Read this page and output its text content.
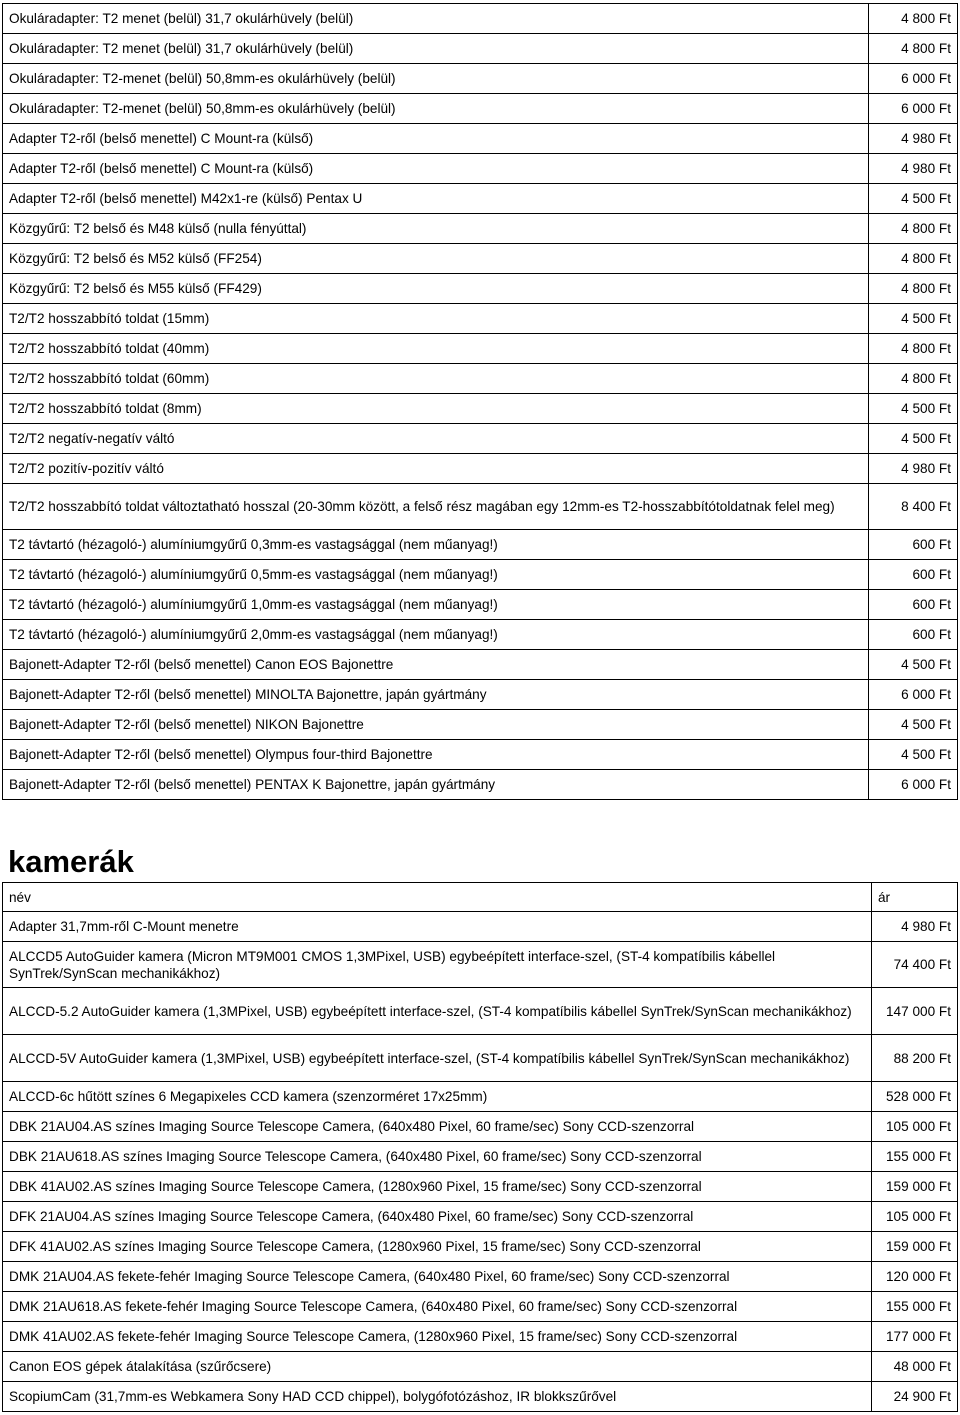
Okuláradapter: T2 menet (belül) 31,7 okulárhüvely (belül)	4 800 Ft
Okuláradapter: T2 menet (belül) 31,7 okulárhüvely (belül)	4 800 Ft
Okuláradapter: T2-menet (belül) 50,8mm-es okulárhüvely (belül)	6 000 Ft
Okuláradapter: T2-menet (belül) 50,8mm-es okulárhüvely (belül)	6 000 Ft
Adapter T2-ről (belső menettel) C Mount-ra (külső)	4 980 Ft
Adapter T2-ről (belső menettel) C Mount-ra (külső)	4 980 Ft
Adapter T2-ről (belső menettel) M42x1-re (külső) Pentax U	4 500 Ft
Közgyűrű: T2 belső és M48 külső (nulla fényúttal)	4 800 Ft
Közgyűrű: T2 belső és M52 külső (FF254)	4 800 Ft
Közgyűrű: T2 belső és M55 külső (FF429)	4 800 Ft
T2/T2 hosszabbító toldat (15mm)	4 500 Ft
T2/T2 hosszabbító toldat (40mm)	4 800 Ft
T2/T2 hosszabbító toldat (60mm)	4 800 Ft
T2/T2 hosszabbító toldat (8mm)	4 500 Ft
T2/T2 negatív-negatív váltó	4 500 Ft
T2/T2 pozitív-pozitív váltó	4 980 Ft
T2/T2 hosszabbító toldat változtatható hosszal (20-30mm között, a felső rész magában egy 12mm-es T2-hosszabbítótoldatnak felel meg)	8 400 Ft
T2 távtartó (hézagoló-) alumíniumgyűrű 0,3mm-es vastagsággal (nem műanyag!)	600 Ft
T2 távtartó (hézagoló-) alumíniumgyűrű 0,5mm-es vastagsággal (nem műanyag!)	600 Ft
T2 távtartó (hézagoló-) alumíniumgyűrű 1,0mm-es vastagsággal (nem műanyag!)	600 Ft
T2 távtartó (hézagoló-) alumíniumgyűrű 2,0mm-es vastagsággal (nem műanyag!)	600 Ft
Bajonett-Adapter T2-ről (belső menettel) Canon EOS Bajonettre	4 500 Ft
Bajonett-Adapter T2-ről (belső menettel) MINOLTA Bajonettre, japán gyártmány	6 000 Ft
Bajonett-Adapter T2-ről (belső menettel) NIKON Bajonettre	4 500 Ft
Bajonett-Adapter T2-ről (belső menettel) Olympus four-third Bajonettre	4 500 Ft
Bajonett-Adapter T2-ről (belső menettel) PENTAX K Bajonettre, japán gyártmány	6 000 Ft
kamerák
név	ár
Adapter 31,7mm-ről C-Mount menetre	4 980 Ft
ALCCD5 AutoGuider kamera (Micron MT9M001 CMOS 1,3MPixel, USB) egybeépített interface-szel, (ST-4 kompatíbilis kábellel SynTrek/SynScan mechanikákhoz)	74 400 Ft
ALCCD-5.2 AutoGuider kamera (1,3MPixel, USB) egybeépített interface-szel, (ST-4 kompatíbilis kábellel SynTrek/SynScan mechanikákhoz)	147 000 Ft
ALCCD-5V AutoGuider kamera (1,3MPixel, USB) egybeépített interface-szel, (ST-4 kompatíbilis kábellel SynTrek/SynScan mechanikákhoz)	88 200 Ft
ALCCD-6c hűtött színes 6 Megapixeles CCD kamera (szenzorméret 17x25mm)	528 000 Ft
DBK 21AU04.AS színes Imaging Source Telescope Camera, (640x480 Pixel, 60 frame/sec) Sony CCD-szenzorral	105 000 Ft
DBK 21AU618.AS színes Imaging Source Telescope Camera, (640x480 Pixel, 60 frame/sec) Sony CCD-szenzorral	155 000 Ft
DBK 41AU02.AS színes Imaging Source Telescope Camera, (1280x960 Pixel, 15 frame/sec) Sony CCD-szenzorral	159 000 Ft
DFK 21AU04.AS színes Imaging Source Telescope Camera, (640x480 Pixel, 60 frame/sec) Sony CCD-szenzorral	105 000 Ft
DFK 41AU02.AS színes Imaging Source Telescope Camera, (1280x960 Pixel, 15 frame/sec) Sony CCD-szenzorral	159 000 Ft
DMK 21AU04.AS fekete-fehér Imaging Source Telescope Camera, (640x480 Pixel, 60 frame/sec) Sony CCD-szenzorral	120 000 Ft
DMK 21AU618.AS fekete-fehér Imaging Source Telescope Camera, (640x480 Pixel, 60 frame/sec) Sony CCD-szenzorral	155 000 Ft
DMK 41AU02.AS fekete-fehér Imaging Source Telescope Camera, (1280x960 Pixel, 15 frame/sec) Sony CCD-szenzorral	177 000 Ft
Canon EOS gépek átalakítása (szűrőcsere)	48 000 Ft
ScopiumCam (31,7mm-es Webkamera Sony HAD CCD chippel), bolygófotózáshoz, IR blokkszűrővel	24 900 Ft
